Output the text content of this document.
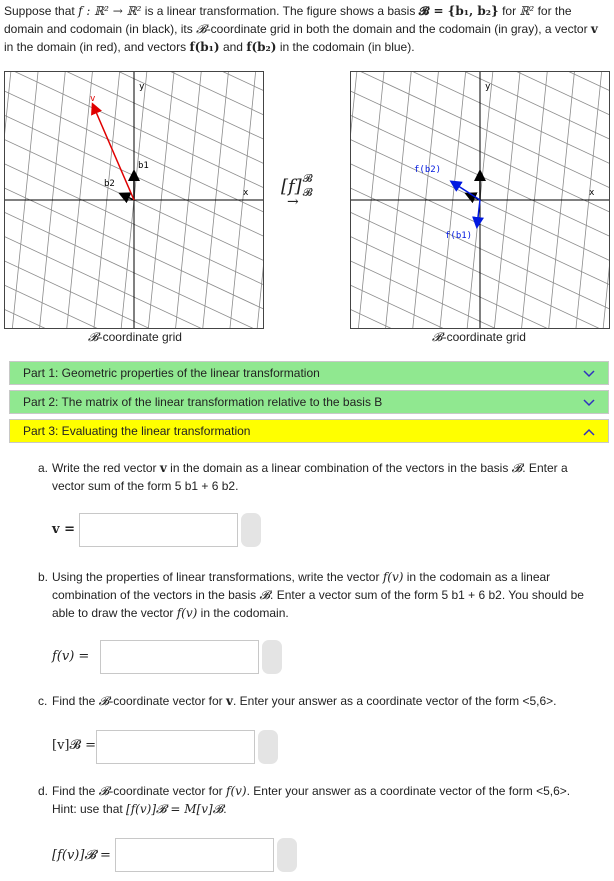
Suppose that f : ℝ² → ℝ² is a linear transformation. The figure shows a basis 𝓑 = {b₁, b₂} for ℝ² for the domain and codomain (in black), its 𝓑-coordinate grid in both the domain and the codomain (in gray), a vector v in the domain (in red), and vectors f(b₁) and f(b₂) in the codomain (in blue).
y
x
v
b1
b2
𝓑-coordinate grid
[f] 𝓑
𝓑
→
y
x
f(b1)
f(b2)
𝓑-coordinate grid
Part 1: Geometric properties of the linear transformation
Part 2: The matrix of the linear transformation relative to the basis B
Part 3: Evaluating the linear transformation
a. Write the red vector v in the domain as a linear combination of the vectors in the basis 𝓑. Enter a vector sum of the form 5 b1 + 6 b2.
v =
b. Using the properties of linear transformations, write the vector f(v) in the codomain as a linear combination of the vectors in the basis 𝓑. Enter a vector sum of the form 5 b1 + 6 b2. You should be able to draw the vector f(v) in the codomain.
f(v) =
c. Find the 𝓑-coordinate vector for v. Enter your answer as a coordinate vector of the form <5,6>.
[v]𝓑 =
d. Find the 𝓑-coordinate vector for f(v). Enter your answer as a coordinate vector of the form <5,6>. Hint: use that [f(v)]𝓑 = M[v]𝓑.
[f(v)]𝓑 =
